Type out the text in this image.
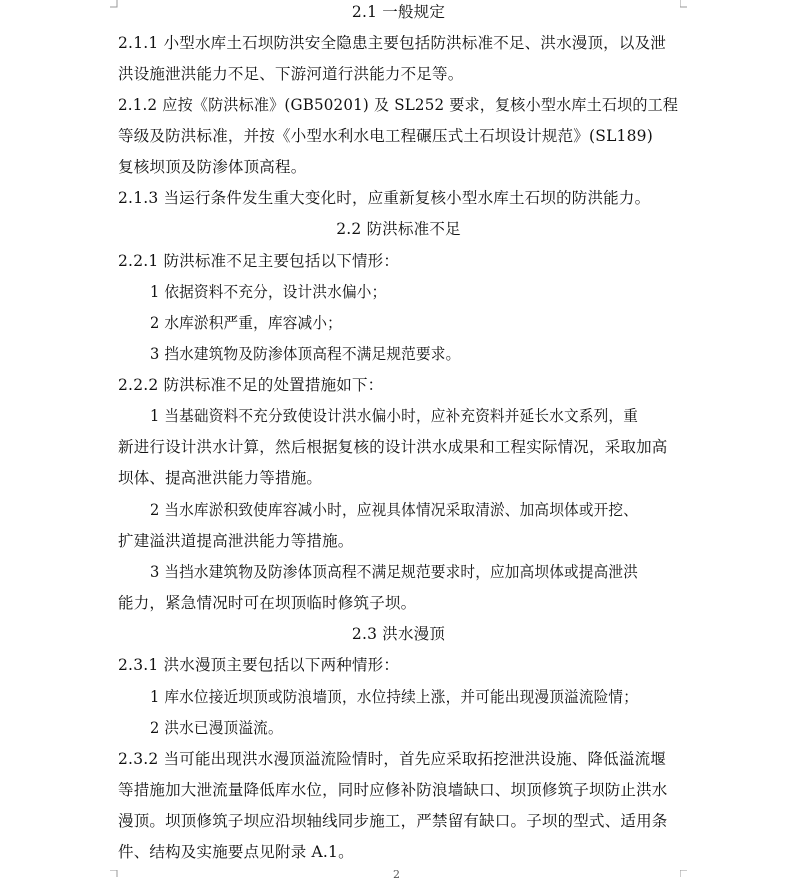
2.1 一般规定
2.1.1 小型水库土石坝防洪安全隐患主要包括防洪标准不足、洪水漫顶，以及泄
洪设施泄洪能力不足、下游河道行洪能力不足等。
2.1.2 应按《防洪标准》(GB50201) 及 SL252 要求，复核小型水库土石坝的工程
等级及防洪标准，并按《小型水利水电工程碾压式土石坝设计规范》(SL189)
复核坝顶及防渗体顶高程。
2.1.3 当运行条件发生重大变化时，应重新复核小型水库土石坝的防洪能力。
2.2 防洪标准不足
2.2.1 防洪标准不足主要包括以下情形：
1 依据资料不充分，设计洪水偏小；
2 水库淤积严重，库容减小；
3 挡水建筑物及防渗体顶高程不满足规范要求。
2.2.2 防洪标准不足的处置措施如下：
1 当基础资料不充分致使设计洪水偏小时，应补充资料并延长水文系列，重
新进行设计洪水计算，然后根据复核的设计洪水成果和工程实际情况，采取加高
坝体、提高泄洪能力等措施。
2 当水库淤积致使库容减小时，应视具体情况采取清淤、加高坝体或开挖、
扩建溢洪道提高泄洪能力等措施。
3 当挡水建筑物及防渗体顶高程不满足规范要求时，应加高坝体或提高泄洪
能力，紧急情况时可在坝顶临时修筑子坝。
2.3 洪水漫顶
2.3.1 洪水漫顶主要包括以下两种情形：
1 库水位接近坝顶或防浪墙顶，水位持续上涨，并可能出现漫顶溢流险情；
2 洪水已漫顶溢流。
2.3.2 当可能出现洪水漫顶溢流险情时，首先应采取拓挖泄洪设施、降低溢流堰
等措施加大泄流量降低库水位，同时应修补防浪墙缺口、坝顶修筑子坝防止洪水
漫顶。坝顶修筑子坝应沿坝轴线同步施工，严禁留有缺口。子坝的型式、适用条
件、结构及实施要点见附录 A.1。
2
